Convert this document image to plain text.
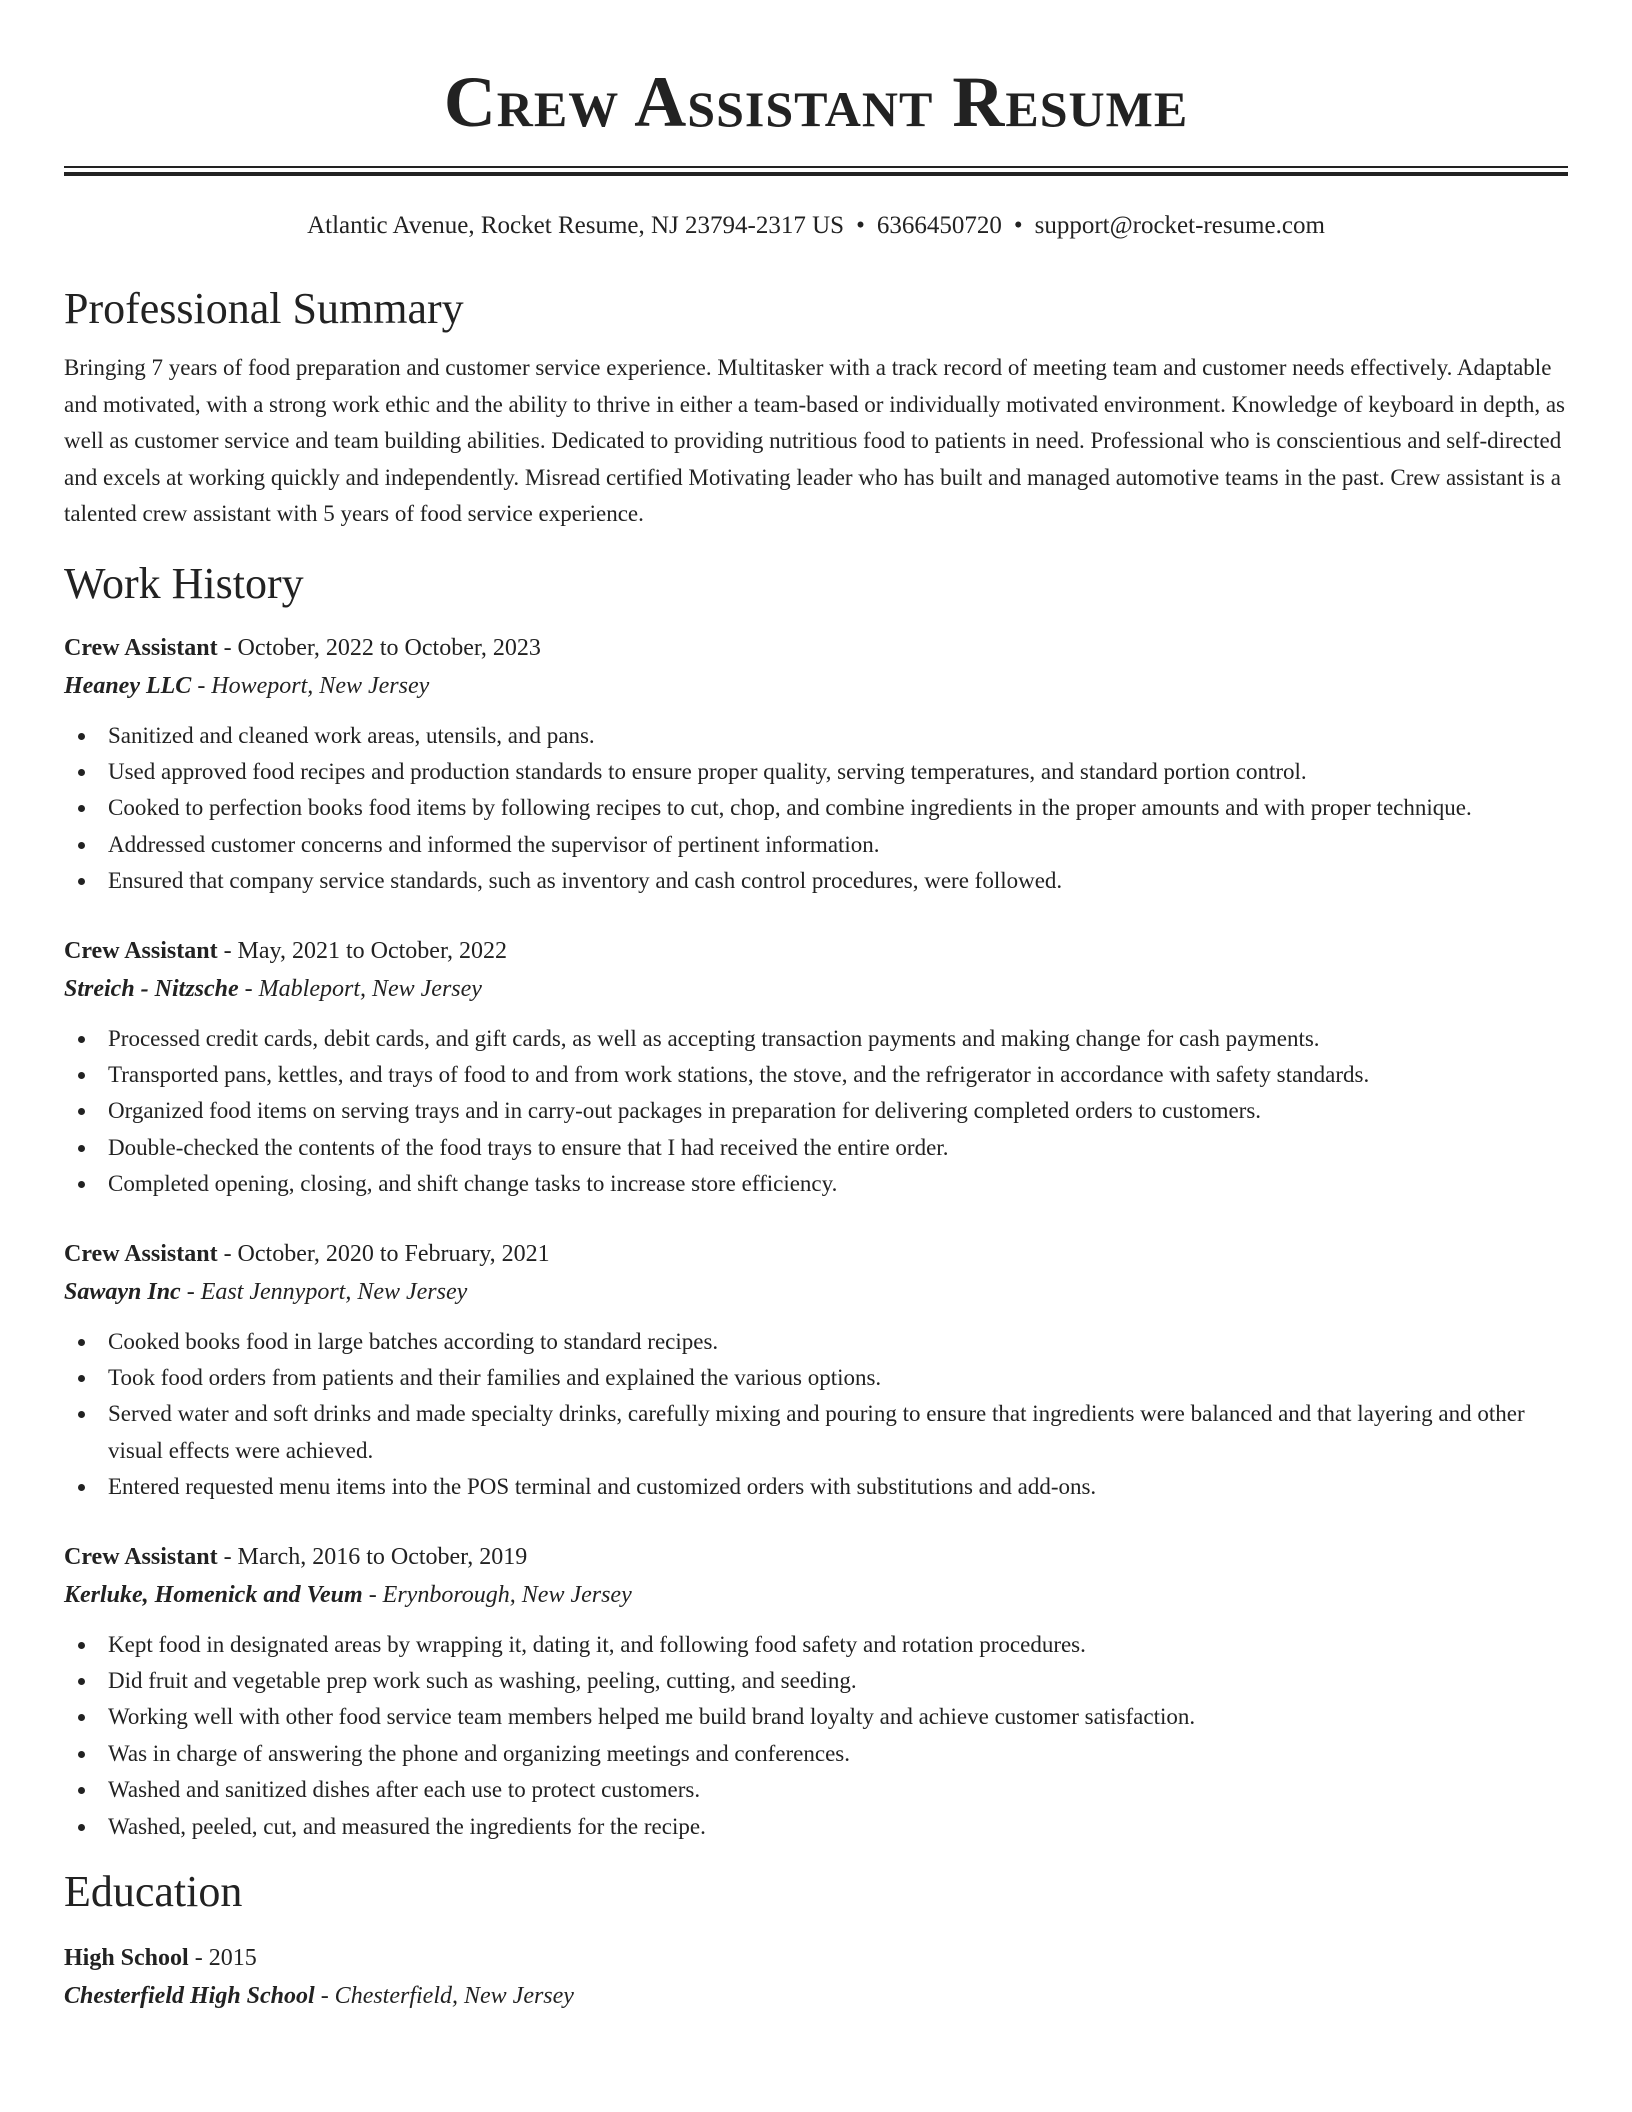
Crew Assistant Resume
Atlantic Avenue, Rocket Resume, NJ 23794-2317 US • 6366450720 • support@rocket-resume.com
Professional Summary

Bringing 7 years of food preparation and customer service experience. Multitasker with a track record of meeting team and customer needs effectively. Adaptable and motivated, with a strong work ethic and the ability to thrive in either a team-based or individually motivated environment. Knowledge of keyboard in depth, as well as customer service and team building abilities. Dedicated to providing nutritious food to patients in need. Professional who is conscientious and self-directed and excels at working quickly and independently. Misread certified Motivating leader who has built and managed automotive teams in the past. Crew assistant is a talented crew assistant with 5 years of food service experience.

Work History
Crew Assistant - October, 2022 to October, 2023
Heaney LLC - Howeport, New Jersey
Sanitized and cleaned work areas, utensils, and pans.
Used approved food recipes and production standards to ensure proper quality, serving temperatures, and standard portion control.
Cooked to perfection books food items by following recipes to cut, chop, and combine ingredients in the proper amounts and with proper technique.
Addressed customer concerns and informed the supervisor of pertinent information.
Ensured that company service standards, such as inventory and cash control procedures, were followed.
Crew Assistant - May, 2021 to October, 2022
Streich - Nitzsche - Mableport, New Jersey
Processed credit cards, debit cards, and gift cards, as well as accepting transaction payments and making change for cash payments.
Transported pans, kettles, and trays of food to and from work stations, the stove, and the refrigerator in accordance with safety standards.
Organized food items on serving trays and in carry-out packages in preparation for delivering completed orders to customers.
Double-checked the contents of the food trays to ensure that I had received the entire order.
Completed opening, closing, and shift change tasks to increase store efficiency.
Crew Assistant - October, 2020 to February, 2021
Sawayn Inc - East Jennyport, New Jersey
Cooked books food in large batches according to standard recipes.
Took food orders from patients and their families and explained the various options.
Served water and soft drinks and made specialty drinks, carefully mixing and pouring to ensure that ingredients were balanced and that layering and other visual effects were achieved.
Entered requested menu items into the POS terminal and customized orders with substitutions and add-ons.
Crew Assistant - March, 2016 to October, 2019
Kerluke, Homenick and Veum - Erynborough, New Jersey
Kept food in designated areas by wrapping it, dating it, and following food safety and rotation procedures.
Did fruit and vegetable prep work such as washing, peeling, cutting, and seeding.
Working well with other food service team members helped me build brand loyalty and achieve customer satisfaction.
Was in charge of answering the phone and organizing meetings and conferences.
Washed and sanitized dishes after each use to protect customers.
Washed, peeled, cut, and measured the ingredients for the recipe.
Education
High School - 2015
Chesterfield High School - Chesterfield, New Jersey
